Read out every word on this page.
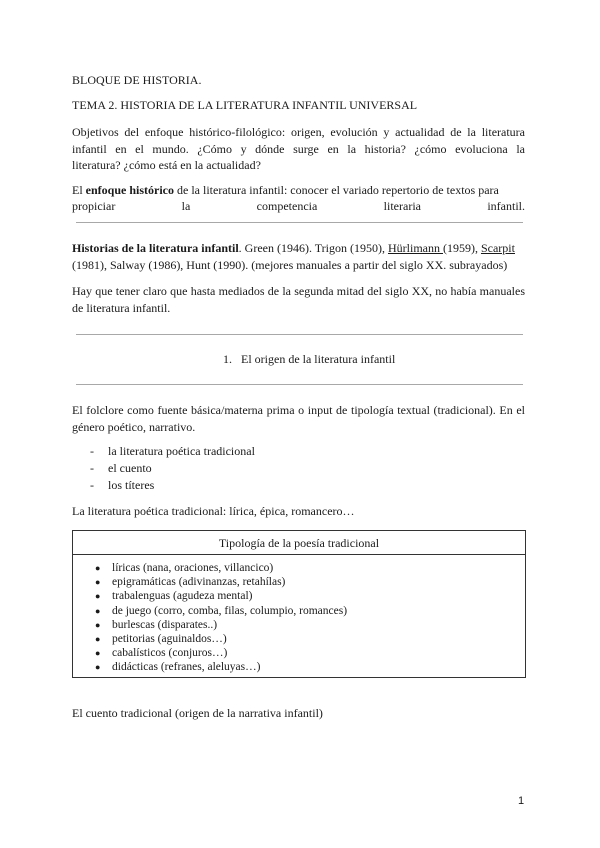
BLOQUE DE HISTORIA.
TEMA 2. HISTORIA DE LA LITERATURA INFANTIL UNIVERSAL
Objetivos del enfoque histórico-filológico: origen, evolución y actualidad de la literatura
infantil en el mundo. ¿Cómo y dónde surge en la historia? ¿cómo evoluciona la
literatura? ¿cómo está en la actualidad?
El enfoque histórico de la literatura infantil: conocer el variado repertorio de textos para
propiciar la competencia literaria infantil.
Historias de la literatura infantil. Green (1946). Trigon (1950), Hürlimann (1959), Scarpit
(1981), Salway (1986), Hunt (1990). (mejores manuales a partir del siglo XX. subrayados)
Hay que tener claro que hasta mediados de la segunda mitad del siglo XX, no había manuales
de literatura infantil.
1. El origen de la literatura infantil
El folclore como fuente básica/materna prima o input de tipología textual (tradicional). En el
género poético, narrativo.
- la literatura poética tradicional
- el cuento
- los títeres
La literatura poética tradicional: lírica, épica, romancero…
Tipología de la poesía tradicional
● líricas (nana, oraciones, villancico)
● epigramáticas (adivinanzas, retahílas)
● trabalenguas (agudeza mental)
● de juego (corro, comba, filas, columpio, romances)
● burlescas (disparates..)
● petitorias (aguinaldos…)
● cabalísticos (conjuros…)
● didácticas (refranes, aleluyas…)
El cuento tradicional (origen de la narrativa infantil)
1
